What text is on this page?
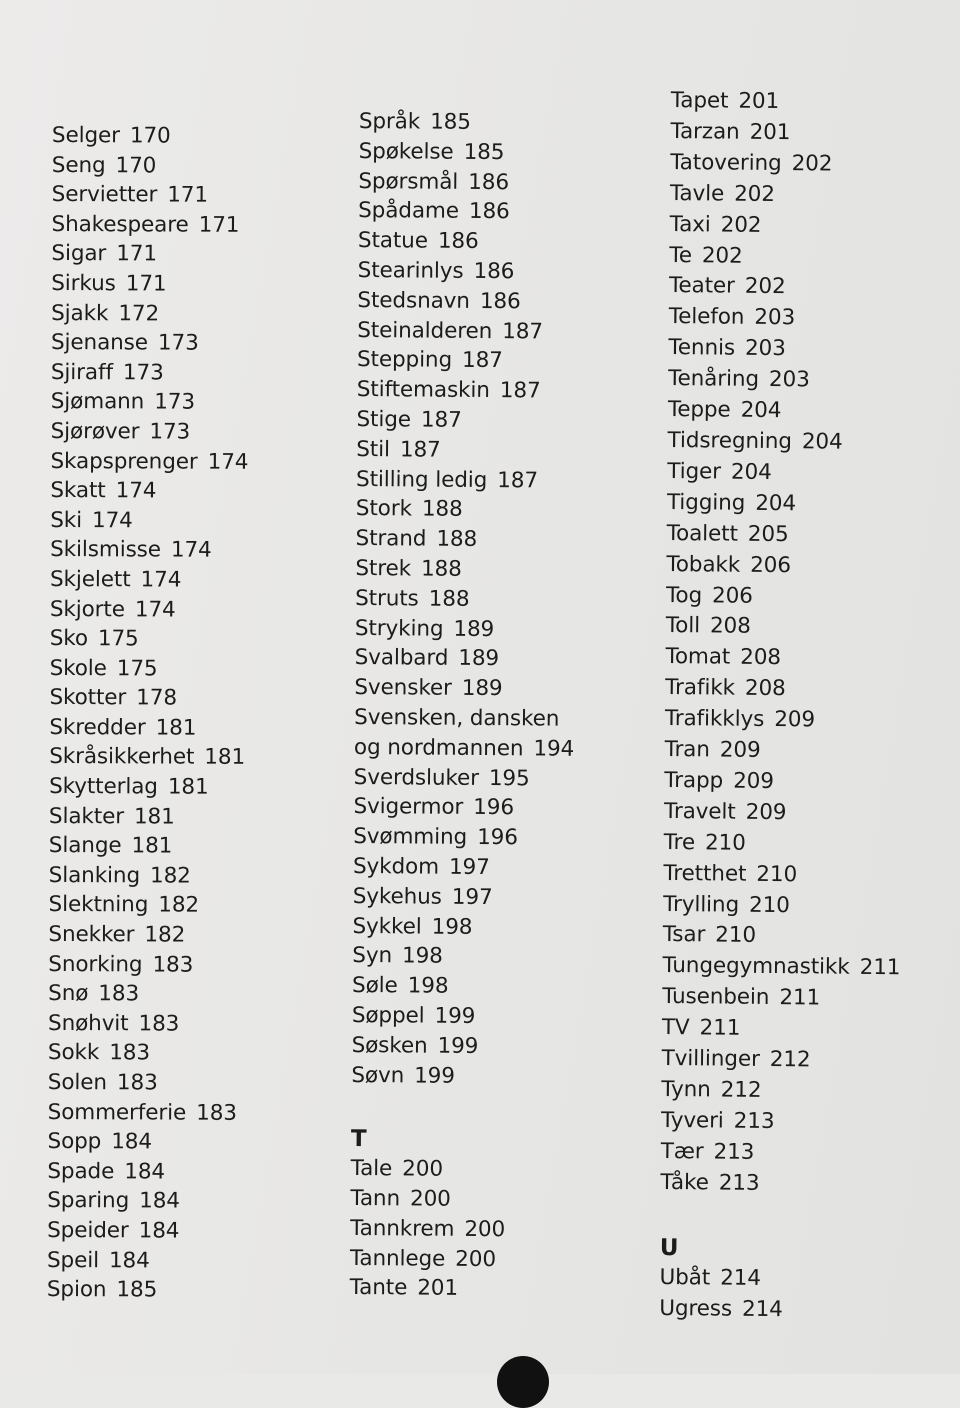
Selger 170
Seng 170
Servietter 171
Shakespeare 171
Sigar 171
Sirkus 171
Sjakk 172
Sjenanse 173
Sjiraff 173
Sjømann 173
Sjørøver 173
Skapsprenger 174
Skatt 174
Ski 174
Skilsmisse 174
Skjelett 174
Skjorte 174
Sko 175
Skole 175
Skotter 178
Skredder 181
Skråsikkerhet 181
Skytterlag 181
Slakter 181
Slange 181
Slanking 182
Slektning 182
Snekker 182
Snorking 183
Snø 183
Snøhvit 183
Sokk 183
Solen 183
Sommerferie 183
Sopp 184
Spade 184
Sparing 184
Speider 184
Speil 184
Spion 185
Språk 185
Spøkelse 185
Spørsmål 186
Spådame 186
Statue 186
Stearinlys 186
Stedsnavn 186
Steinalderen 187
Stepping 187
Stiftemaskin 187
Stige 187
Stil 187
Stilling ledig 187
Stork 188
Strand 188
Strek 188
Struts 188
Stryking 189
Svalbard 189
Svensker 189
Svensken, dansken
og nordmannen 194
Sverdsluker 195
Svigermor 196
Svømming 196
Sykdom 197
Sykehus 197
Sykkel 198
Syn 198
Søle 198
Søppel 199
Søsken 199
Søvn 199
T
Tale 200
Tann 200
Tannkrem 200
Tannlege 200
Tante 201
Tapet 201
Tarzan 201
Tatovering 202
Tavle 202
Taxi 202
Te 202
Teater 202
Telefon 203
Tennis 203
Tenåring 203
Teppe 204
Tidsregning 204
Tiger 204
Tigging 204
Toalett 205
Tobakk 206
Tog 206
Toll 208
Tomat 208
Trafikk 208
Trafikklys 209
Tran 209
Trapp 209
Travelt 209
Tre 210
Tretthet 210
Trylling 210
Tsar 210
Tungegymnastikk 211
Tusenbein 211
TV 211
Tvillinger 212
Tynn 212
Tyveri 213
Tær 213
Tåke 213
U
Ubåt 214
Ugress 214
